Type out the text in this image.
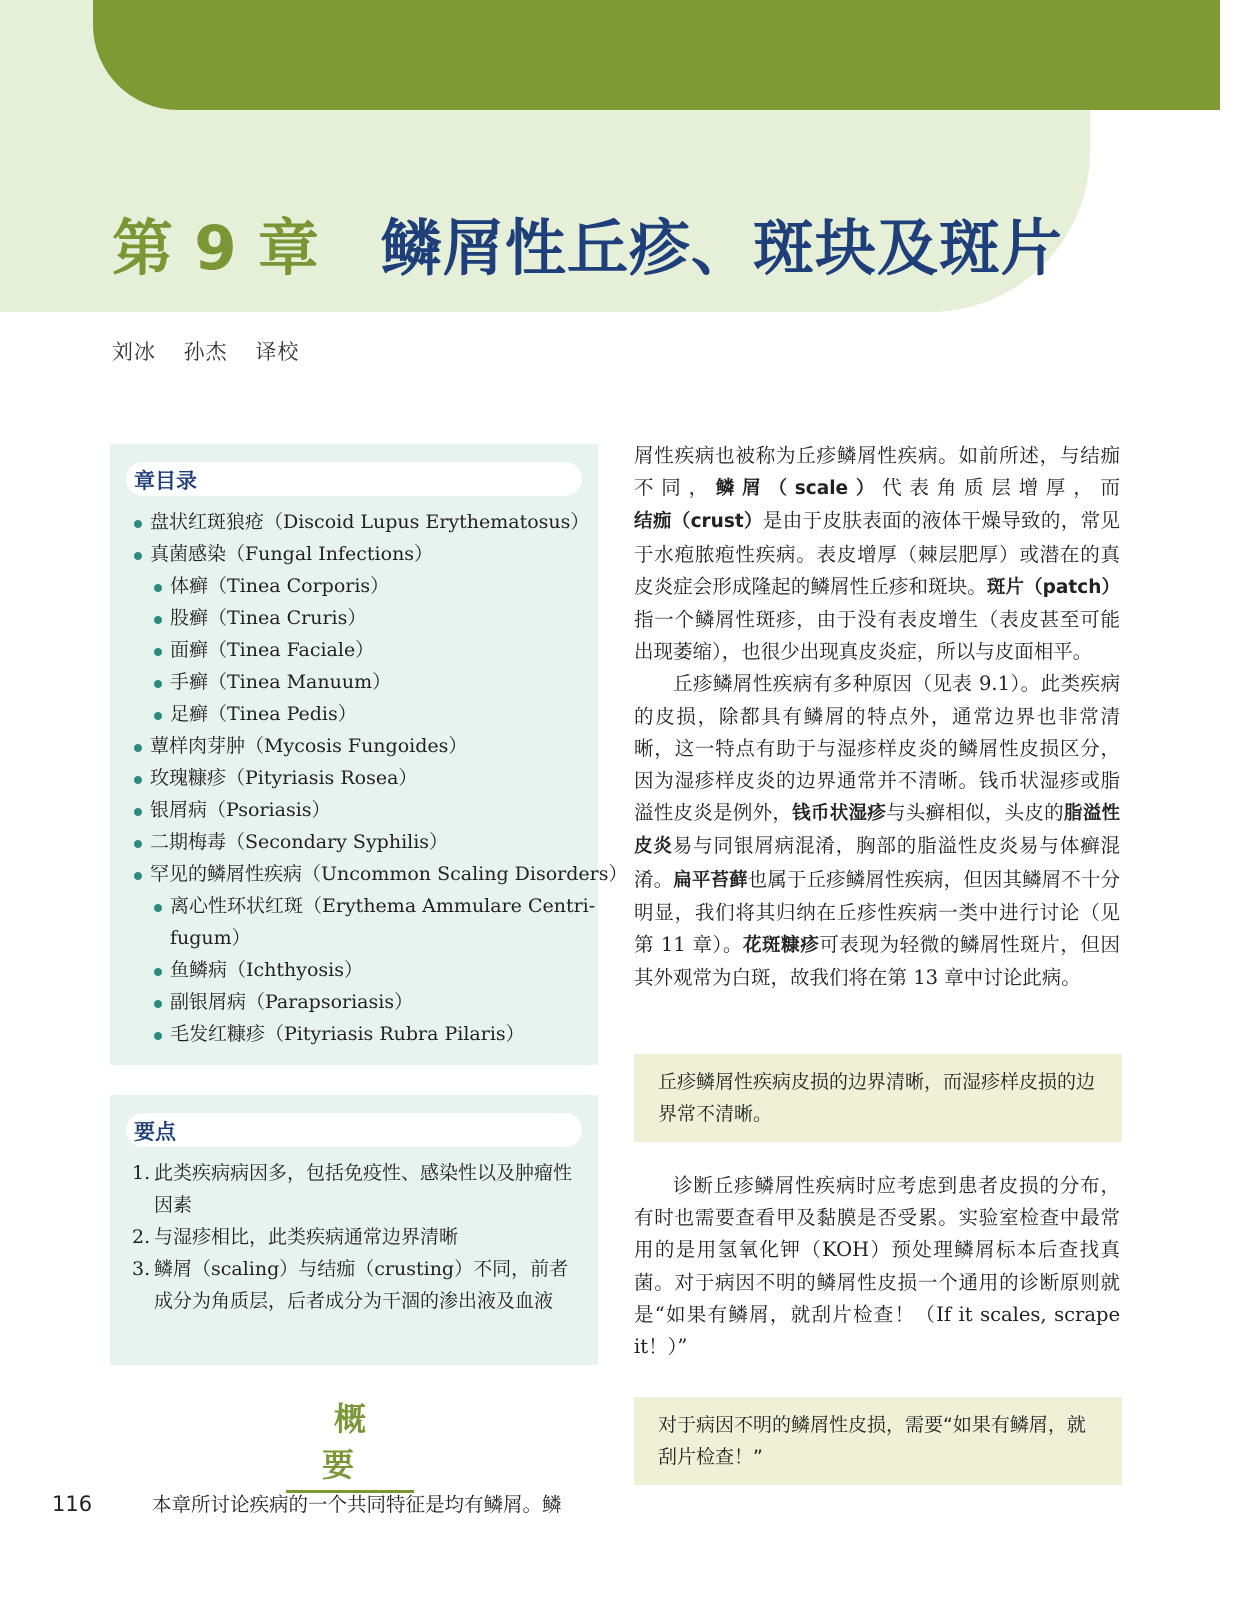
第 9 章 鳞屑性丘疹、斑块及斑片
刘冰 孙杰 译校
章目录
盘状红斑狼疮（Discoid Lupus Erythematosus）
真菌感染（Fungal Infections）
体癣（Tinea Corporis）
股癣（Tinea Cruris）
面癣（Tinea Faciale）
手癣（Tinea Manuum）
足癣（Tinea Pedis）
蕈样肉芽肿（Mycosis Fungoides）
玫瑰糠疹（Pityriasis Rosea）
银屑病（Psoriasis）
二期梅毒（Secondary Syphilis）
罕见的鳞屑性疾病（Uncommon Scaling Disorders）
离心性环状红斑（Erythema Ammulare Centri-
fugum）
鱼鳞病（Ichthyosis）
副银屑病（Parapsoriasis）
毛发红糠疹（Pityriasis Rubra Pilaris）
要点
1. 此类疾病病因多，包括免疫性、感染性以及肿瘤性因素
2. 与湿疹相比，此类疾病通常边界清晰
3. 鳞屑（scaling）与结痂（crusting）不同，前者成分为角质层，后者成分为干涸的渗出液及血液
概要
116	本章所讨论疾病的一个共同特征是均有鳞屑。鳞

屑性疾病也被称为丘疹鳞屑性疾病。如前所述，与结痂不同，鳞屑（scale）代表角质层增厚，而结痂（crust）是由于皮肤表面的液体干燥导致的，常见于水疱脓疱性疾病。表皮增厚（棘层肥厚）或潜在的真皮炎症会形成隆起的鳞屑性丘疹和斑块。斑片（patch）指一个鳞屑性斑疹，由于没有表皮增生（表皮甚至可能出现萎缩），也很少出现真皮炎症，所以与皮面相平。

丘疹鳞屑性疾病有多种原因（见表 9.1）。此类疾病的皮损，除都具有鳞屑的特点外，通常边界也非常清晰，这一特点有助于与湿疹样皮炎的鳞屑性皮损区分，因为湿疹样皮炎的边界通常并不清晰。钱币状湿疹或脂溢性皮炎是例外，钱币状湿疹与头癣相似，头皮的脂溢性皮炎易与同银屑病混淆，胸部的脂溢性皮炎易与体癣混淆。扁平苔藓也属于丘疹鳞屑性疾病，但因其鳞屑不十分明显，我们将其归纳在丘疹性疾病一类中进行讨论（见第 11 章）。花斑糠疹可表现为轻微的鳞屑性斑片，但因其外观常为白斑，故我们将在第 13 章中讨论此病。

丘疹鳞屑性疾病皮损的边界清晰，而湿疹样皮损的边界常不清晰。

诊断丘疹鳞屑性疾病时应考虑到患者皮损的分布，有时也需要查看甲及黏膜是否受累。实验室检查中最常用的是用氢氧化钾（KOH）预处理鳞屑标本后查找真菌。对于病因不明的鳞屑性皮损一个通用的诊断原则就是“如果有鳞屑，就刮片检查！（If it scales, scrape it！）”

对于病因不明的鳞屑性皮损，需要“如果有鳞屑，就刮片检查！”
